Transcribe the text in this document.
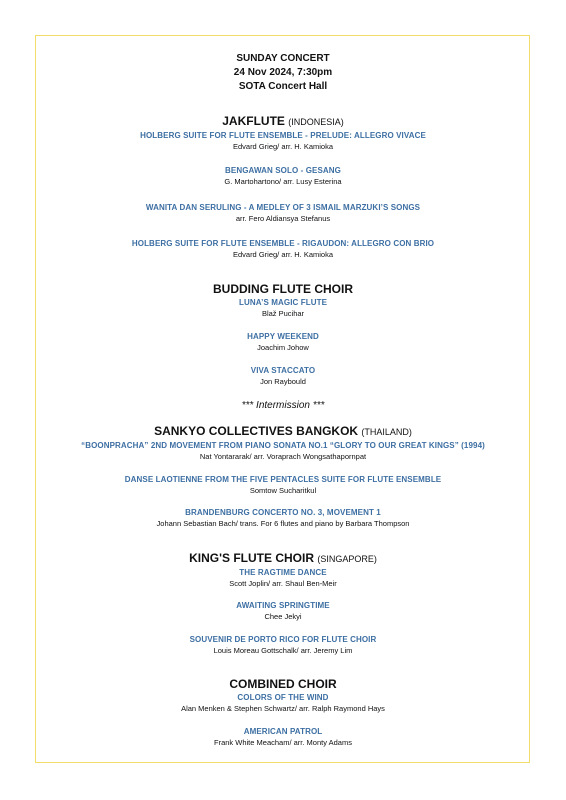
SUNDAY CONCERT
24 Nov 2024, 7:30pm
SOTA Concert Hall
JAKFLUTE (INDONESIA)
HOLBERG SUITE FOR FLUTE ENSEMBLE - PRELUDE: ALLEGRO VIVACE
Edvard Grieg/ arr. H. Kamioka
BENGAWAN SOLO - GESANG
G. Martohartono/ arr. Lusy Esterina
WANITA DAN SERULING - A MEDLEY OF 3 ISMAIL MARZUKI’S SONGS
arr. Fero Aldiansya Stefanus
HOLBERG SUITE FOR FLUTE ENSEMBLE - RIGAUDON: ALLEGRO CON BRIO
Edvard Grieg/ arr. H. Kamioka
BUDDING FLUTE CHOIR
LUNA’S MAGIC FLUTE
Blaž Pucihar
HAPPY WEEKEND
Joachim Johow
VIVA STACCATO
Jon Raybould
*** Intermission ***
SANKYO COLLECTIVES BANGKOK (THAILAND)
“BOONPRACHA” 2ND MOVEMENT FROM PIANO SONATA NO.1 “GLORY TO OUR GREAT KINGS” (1994)
Nat Yontararak/ arr. Voraprach Wongsathapornpat
DANSE LAOTIENNE FROM THE FIVE PENTACLES SUITE FOR FLUTE ENSEMBLE
Somtow Sucharitkul
BRANDENBURG CONCERTO NO. 3, MOVEMENT 1
Johann Sebastian Bach/ trans. For 6 flutes and piano by Barbara Thompson
KING'S FLUTE CHOIR (SINGAPORE)
THE RAGTIME DANCE
Scott Joplin/ arr. Shaul Ben-Meir
AWAITING SPRINGTIME
Chee Jekyi
SOUVENIR DE PORTO RICO FOR FLUTE CHOIR
Louis Moreau Gottschalk/ arr. Jeremy Lim
COMBINED CHOIR
COLORS OF THE WIND
Alan Menken & Stephen Schwartz/ arr. Ralph Raymond Hays
AMERICAN PATROL
Frank White Meacham/ arr. Monty Adams
